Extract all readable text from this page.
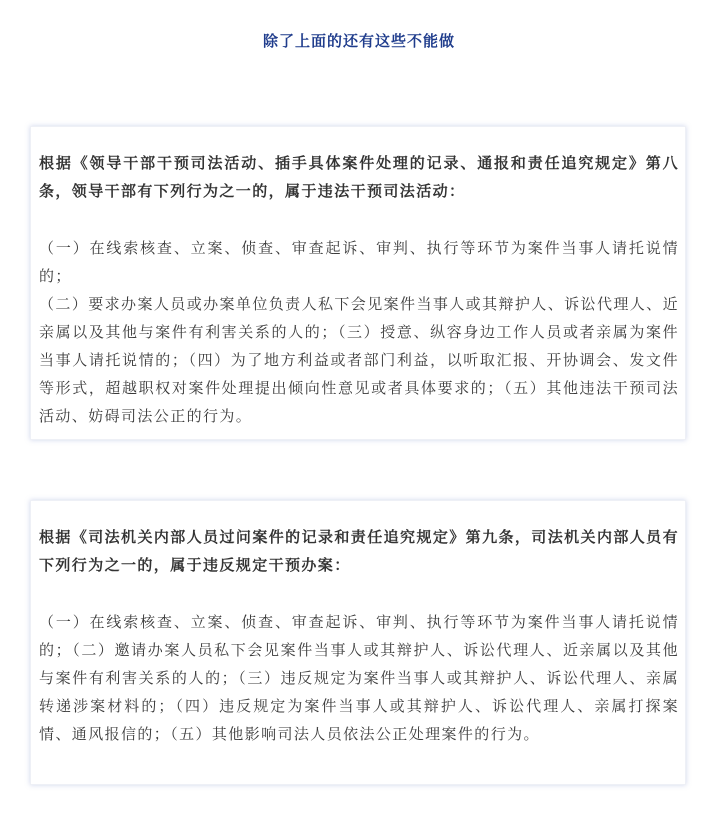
除了上面的还有这些不能做
根据《领导干部干预司法活动、插手具体案件处理的记录、通报和责任追究规定》第八条，领导干部有下列行为之一的，属于违法干预司法活动：

（一）在线索核查、立案、侦查、审查起诉、审判、执行等环节为案件当事人请托说情的；

（二）要求办案人员或办案单位负责人私下会见案件当事人或其辩护人、诉讼代理人、近亲属以及其他与案件有利害关系的人的；（三）授意、纵容身边工作人员或者亲属为案件当事人请托说情的；（四）为了地方利益或者部门利益，以听取汇报、开协调会、发文件等形式，超越职权对案件处理提出倾向性意见或者具体要求的；（五）其他违法干预司法活动、妨碍司法公正的行为。

根据《司法机关内部人员过问案件的记录和责任追究规定》第九条，司法机关内部人员有下列行为之一的，属于违反规定干预办案：

（一）在线索核查、立案、侦查、审查起诉、审判、执行等环节为案件当事人请托说情的；（二）邀请办案人员私下会见案件当事人或其辩护人、诉讼代理人、近亲属以及其他与案件有利害关系的人的；（三）违反规定为案件当事人或其辩护人、诉讼代理人、亲属转递涉案材料的；（四）违反规定为案件当事人或其辩护人、诉讼代理人、亲属打探案情、通风报信的；（五）其他影响司法人员依法公正处理案件的行为。
